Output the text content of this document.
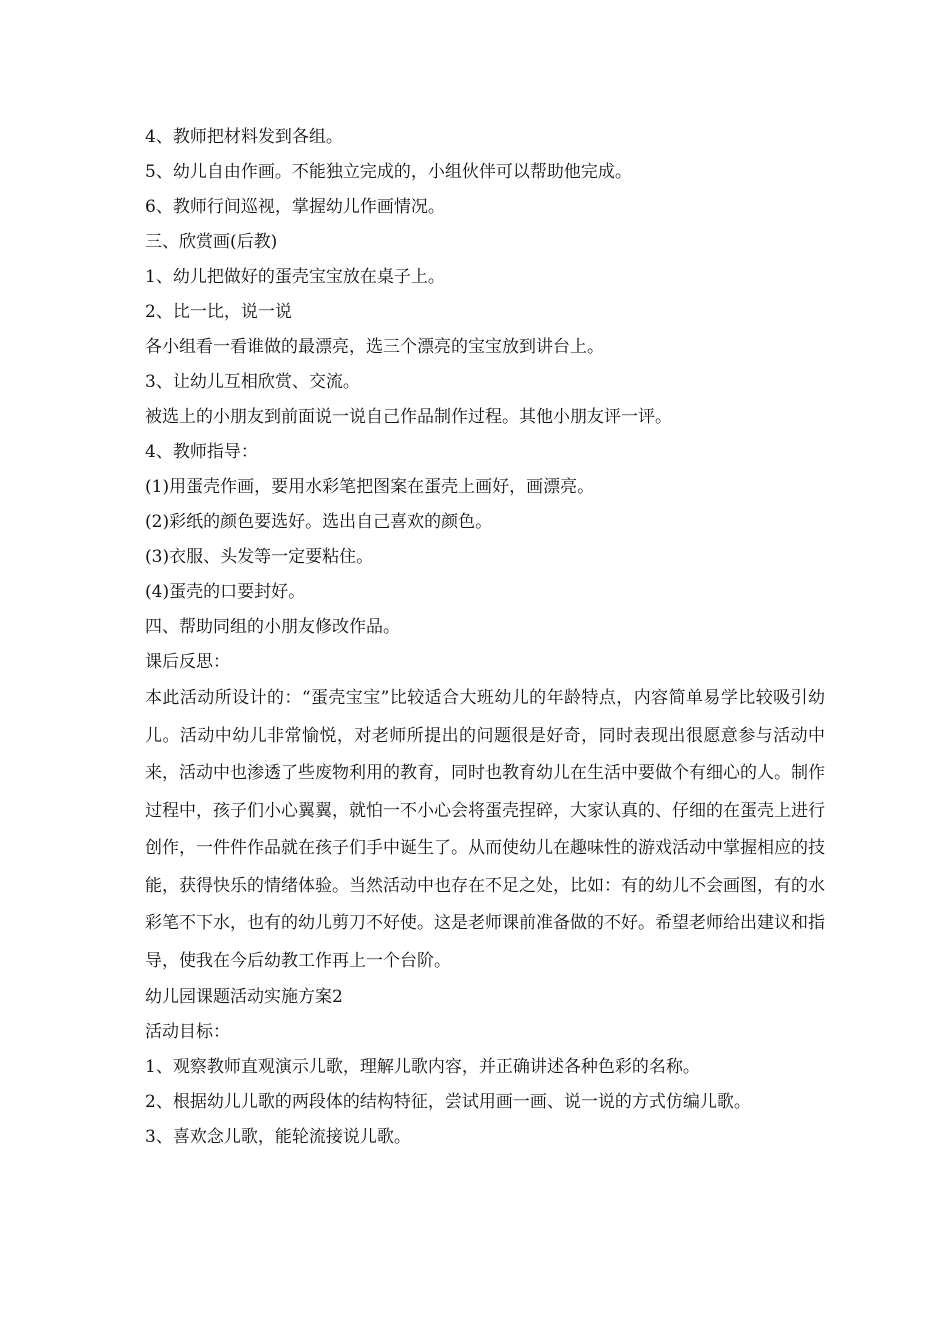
4、教师把材料发到各组。
5、幼儿自由作画。不能独立完成的，小组伙伴可以帮助他完成。
6、教师行间巡视，掌握幼儿作画情况。
三、欣赏画(后教)
1、幼儿把做好的蛋壳宝宝放在桌子上。
2、比一比，说一说
各小组看一看谁做的最漂亮，选三个漂亮的宝宝放到讲台上。
3、让幼儿互相欣赏、交流。
被选上的小朋友到前面说一说自己作品制作过程。其他小朋友评一评。
4、教师指导：
(1)用蛋壳作画，要用水彩笔把图案在蛋壳上画好，画漂亮。
(2)彩纸的颜色要选好。选出自己喜欢的颜色。
(3)衣服、头发等一定要粘住。
(4)蛋壳的口要封好。
四、帮助同组的小朋友修改作品。
课后反思：

本此活动所设计的：“蛋壳宝宝”比较适合大班幼儿的年龄特点，内容简单易学比较吸引幼儿。活动中幼儿非常愉悦，对老师所提出的问题很是好奇，同时表现出很愿意参与活动中来，活动中也渗透了些废物利用的教育，同时也教育幼儿在生活中要做个有细心的人。制作过程中，孩子们小心翼翼，就怕一不小心会将蛋壳捏碎，大家认真的、仔细的在蛋壳上进行创作，一件件作品就在孩子们手中诞生了。从而使幼儿在趣味性的游戏活动中掌握相应的技能，获得快乐的情绪体验。当然活动中也存在不足之处，比如：有的幼儿不会画图，有的水彩笔不下水，也有的幼儿剪刀不好使。这是老师课前准备做的不好。希望老师给出建议和指导，使我在今后幼教工作再上一个台阶。

幼儿园课题活动实施方案2
活动目标：
1、观察教师直观演示儿歌，理解儿歌内容，并正确讲述各种色彩的名称。
2、根据幼儿儿歌的两段体的结构特征，尝试用画一画、说一说的方式仿编儿歌。
3、喜欢念儿歌，能轮流接说儿歌。
